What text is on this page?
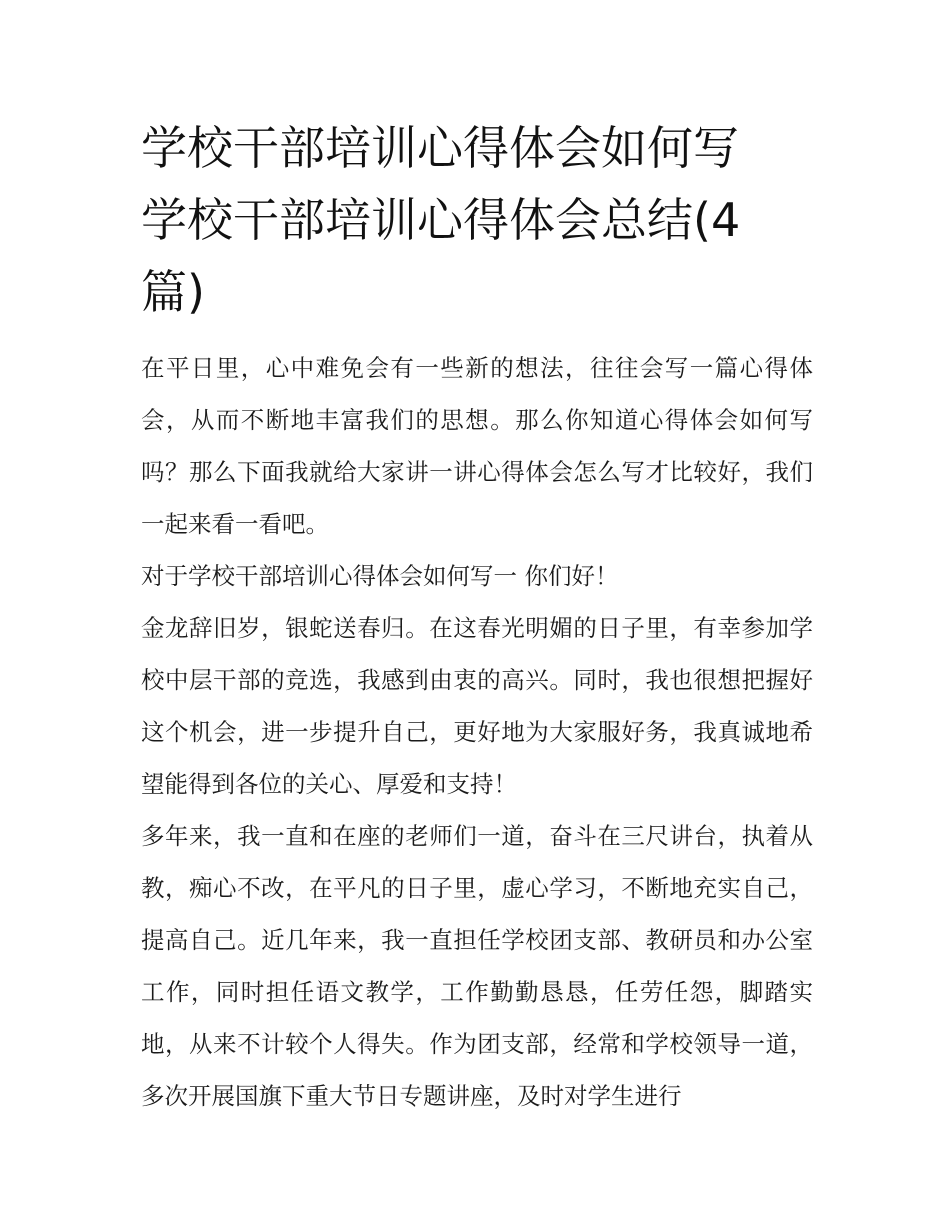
学校干部培训心得体会如何写
学校干部培训心得体会总结(4
篇)

在平日里，心中难免会有一些新的想法，往往会写一篇心得体会，从而不断地丰富我们的思想。那么你知道心得体会如何写吗？那么下面我就给大家讲一讲心得体会怎么写才比较好，我们一起来看一看吧。

对于学校干部培训心得体会如何写一 你们好！

金龙辞旧岁，银蛇送春归。在这春光明媚的日子里，有幸参加学校中层干部的竞选，我感到由衷的高兴。同时，我也很想把握好这个机会，进一步提升自己，更好地为大家服好务，我真诚地希望能得到各位的关心、厚爱和支持！

多年来，我一直和在座的老师们一道，奋斗在三尺讲台，执着从教，痴心不改，在平凡的日子里，虚心学习，不断地充实自己，提高自己。近几年来，我一直担任学校团支部、教研员和办公室工作，同时担任语文教学，工作勤勤恳恳，任劳任怨，脚踏实地，从来不计较个人得失。作为团支部，经常和学校领导一道，多次开展国旗下重大节日专题讲座，及时对学生进行
